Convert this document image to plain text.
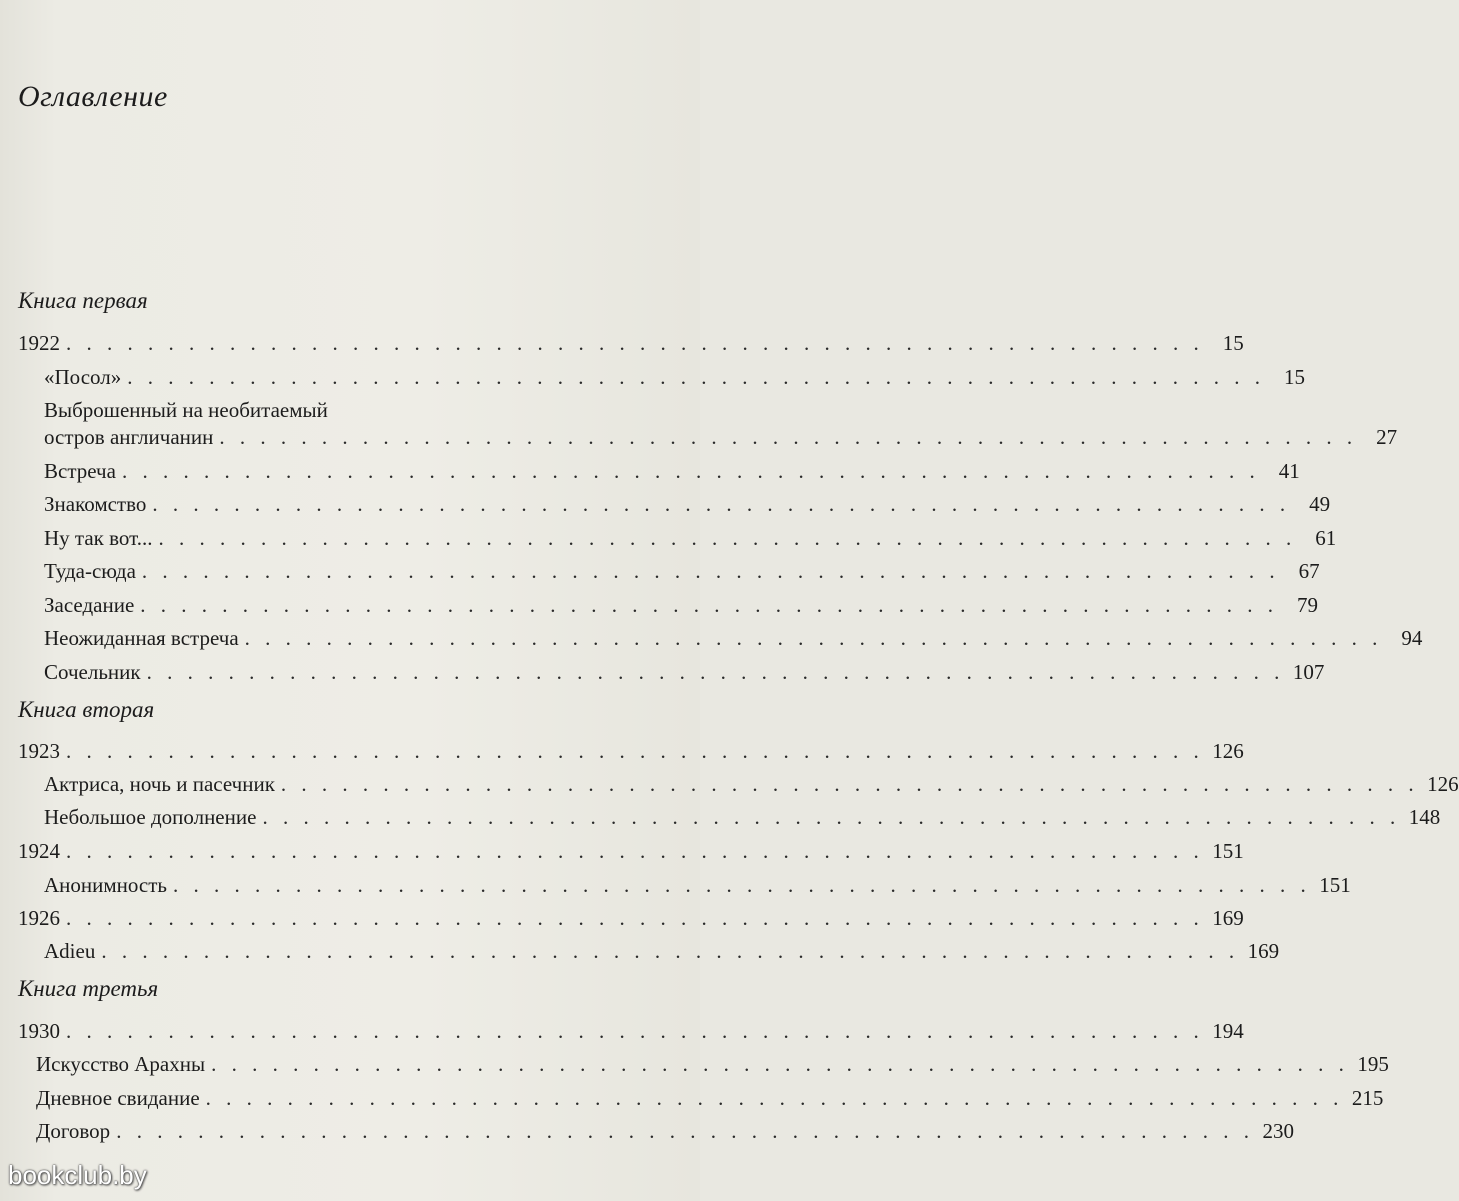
Оглавление
Книга первая
1922 . . . . . . . . . . . . . . . . . . . . . . . . . . . . . . . . . . . . . . . . . . . . . . . . . . . . . . . . 15
«Посол» . . . . . . . . . . . . . . . . . . . . . . . . . . . . . . . . . . . . . . . . . . . . . . . . . . . . . . . . 15
Выброшенный на необитаемый
остров англичанин . . . . . . . . . . . . . . . . . . . . . . . . . . . . . . . . . . . . . . . . . . . . . . . . . . . . . . . . 27
Встреча . . . . . . . . . . . . . . . . . . . . . . . . . . . . . . . . . . . . . . . . . . . . . . . . . . . . . . . . 41
Знакомство . . . . . . . . . . . . . . . . . . . . . . . . . . . . . . . . . . . . . . . . . . . . . . . . . . . . . . . . 49
Ну так вот... . . . . . . . . . . . . . . . . . . . . . . . . . . . . . . . . . . . . . . . . . . . . . . . . . . . . . . . . 61
Туда-сюда . . . . . . . . . . . . . . . . . . . . . . . . . . . . . . . . . . . . . . . . . . . . . . . . . . . . . . . . 67
Заседание . . . . . . . . . . . . . . . . . . . . . . . . . . . . . . . . . . . . . . . . . . . . . . . . . . . . . . . . 79
Неожиданная встреча . . . . . . . . . . . . . . . . . . . . . . . . . . . . . . . . . . . . . . . . . . . . . . . . . . . . . . . . 94
Сочельник . . . . . . . . . . . . . . . . . . . . . . . . . . . . . . . . . . . . . . . . . . . . . . . . . . . . . . . . 107
Книга вторая
1923 . . . . . . . . . . . . . . . . . . . . . . . . . . . . . . . . . . . . . . . . . . . . . . . . . . . . . . . . 126
Актриса, ночь и пасечник . . . . . . . . . . . . . . . . . . . . . . . . . . . . . . . . . . . . . . . . . . . . . . . . . . . . . . . . 126
Небольшое дополнение . . . . . . . . . . . . . . . . . . . . . . . . . . . . . . . . . . . . . . . . . . . . . . . . . . . . . . . . 148
1924 . . . . . . . . . . . . . . . . . . . . . . . . . . . . . . . . . . . . . . . . . . . . . . . . . . . . . . . . 151
Анонимность . . . . . . . . . . . . . . . . . . . . . . . . . . . . . . . . . . . . . . . . . . . . . . . . . . . . . . . . 151
1926 . . . . . . . . . . . . . . . . . . . . . . . . . . . . . . . . . . . . . . . . . . . . . . . . . . . . . . . . 169
Adieu . . . . . . . . . . . . . . . . . . . . . . . . . . . . . . . . . . . . . . . . . . . . . . . . . . . . . . . . 169
Книга третья
1930 . . . . . . . . . . . . . . . . . . . . . . . . . . . . . . . . . . . . . . . . . . . . . . . . . . . . . . . . 194
Искусство Арахны . . . . . . . . . . . . . . . . . . . . . . . . . . . . . . . . . . . . . . . . . . . . . . . . . . . . . . . . 195
Дневное свидание . . . . . . . . . . . . . . . . . . . . . . . . . . . . . . . . . . . . . . . . . . . . . . . . . . . . . . . . 215
Договор . . . . . . . . . . . . . . . . . . . . . . . . . . . . . . . . . . . . . . . . . . . . . . . . . . . . . . . . 230
bookclub.by
